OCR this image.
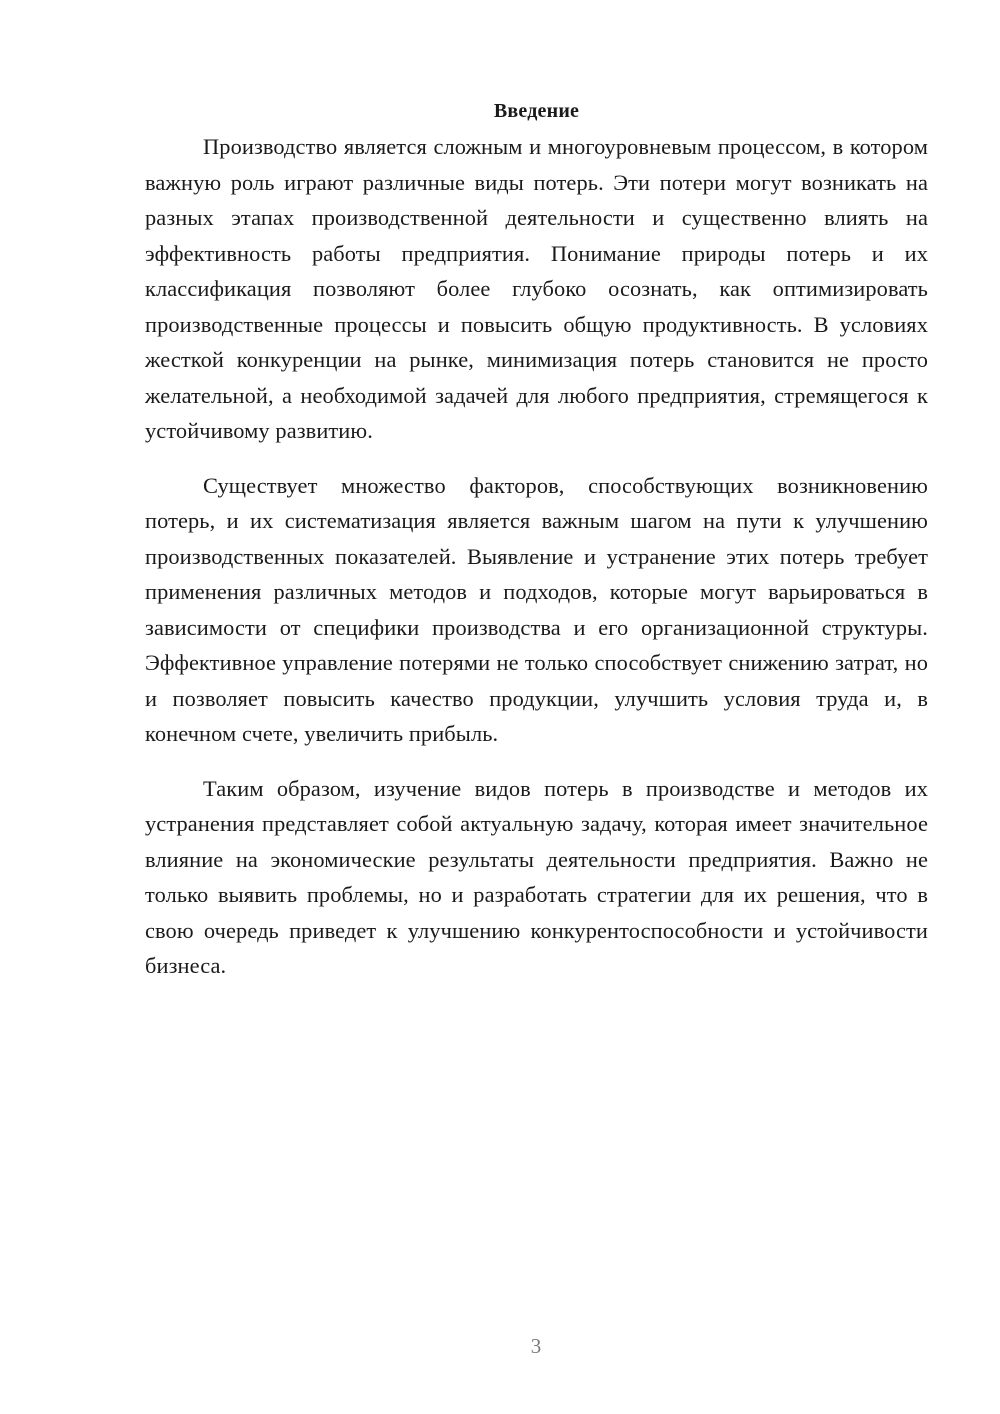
Введение

Производство является сложным и многоуровневым процессом, в котором важную роль играют различные виды потерь. Эти потери могут возникать на разных этапах производственной деятельности и существенно влиять на эффективность работы предприятия. Понимание природы потерь и их классификация позволяют более глубоко осознать, как оптимизировать производственные процессы и повысить общую продуктивность. В условиях жесткой конкуренции на рынке, минимизация потерь становится не просто желательной, а необходимой задачей для любого предприятия, стремящегося к устойчивому развитию.

Существует множество факторов, способствующих возникновению потерь, и их систематизация является важным шагом на пути к улучшению производственных показателей. Выявление и устранение этих потерь требует применения различных методов и подходов, которые могут варьироваться в зависимости от специфики производства и его организационной структуры. Эффективное управление потерями не только способствует снижению затрат, но и позволяет повысить качество продукции, улучшить условия труда и, в конечном счете, увеличить прибыль.

Таким образом, изучение видов потерь в производстве и методов их устранения представляет собой актуальную задачу, которая имеет значительное влияние на экономические результаты деятельности предприятия. Важно не только выявить проблемы, но и разработать стратегии для их решения, что в свою очередь приведет к улучшению конкурентоспособности и устойчивости бизнеса.

3
